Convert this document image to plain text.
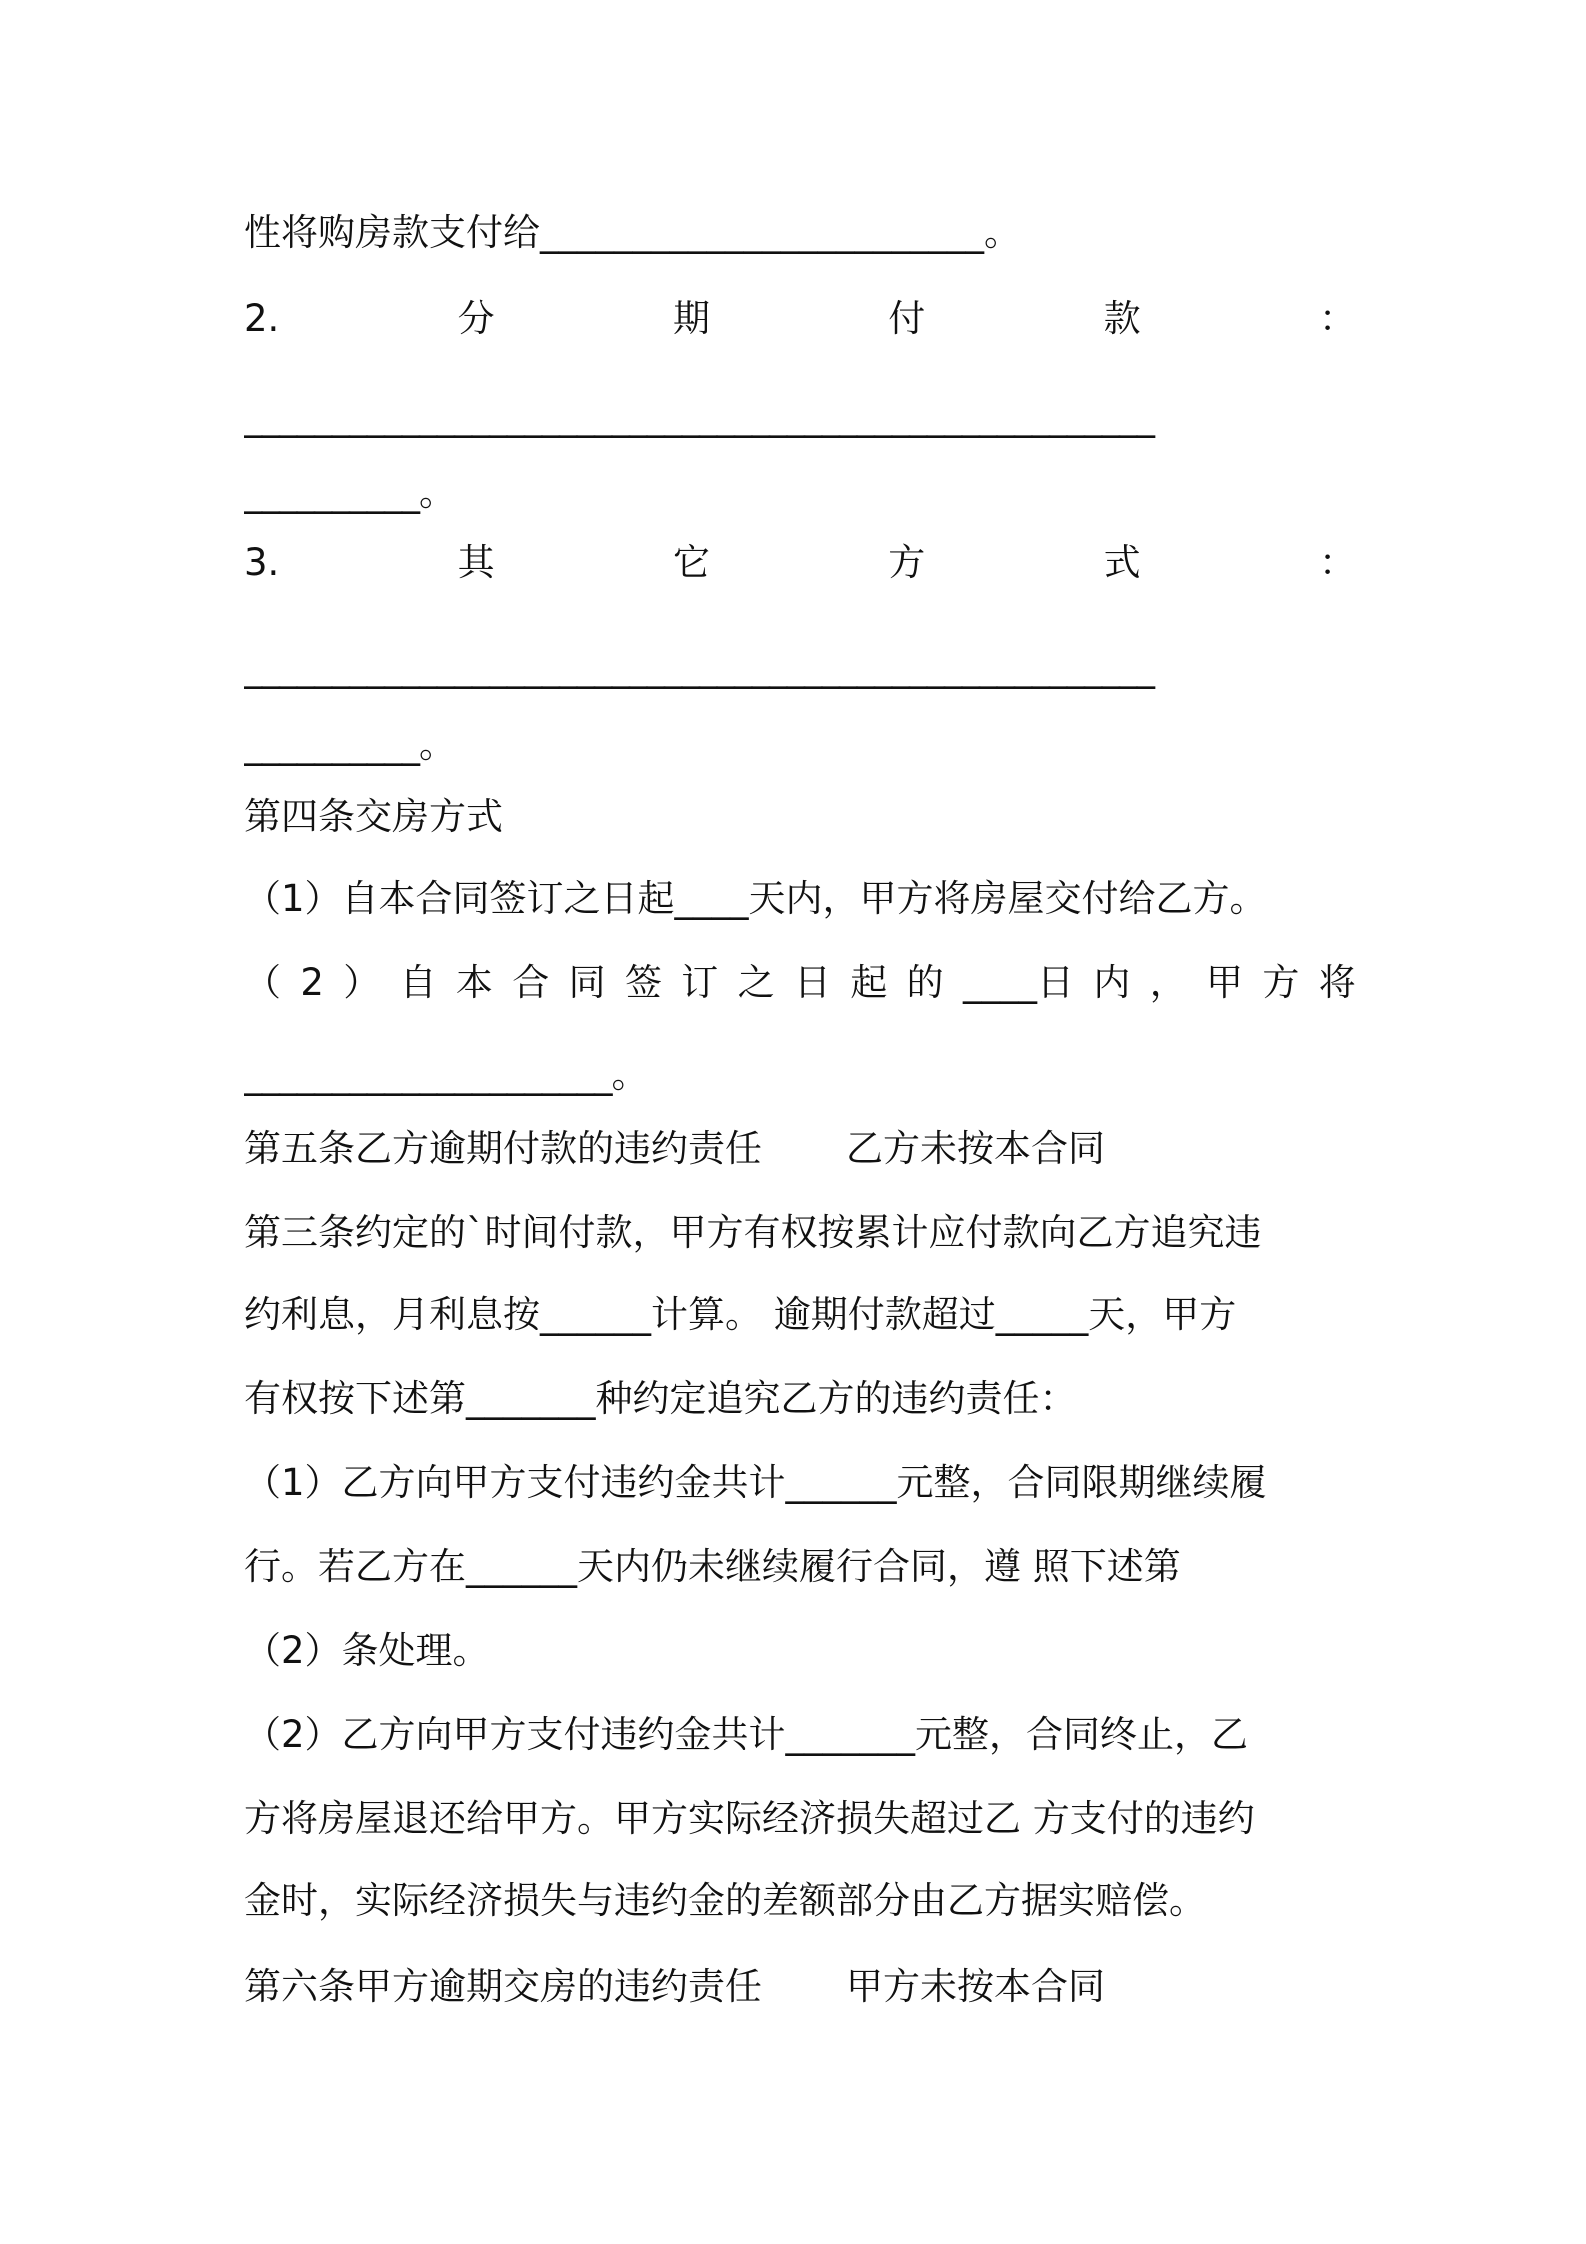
性将购房款支付给________________________。
2.	分	期	付	款	：
____________________________________________________
__________。
3.	其	它	方	式	：
____________________________________________________
__________。
第四条交房方式
（1）自本合同签订之日起____天内，甲方将房屋交付给乙方。
（ 2 ） 自 本 合 同 签 订 之 日 起 的 ____日 内 ， 甲 方 将
_____________________。
第五条乙方逾期付款的违约责任 乙方未按本合同
第三条约定的`时间付款，甲方有权按累计应付款向乙方追究违
约利息，月利息按______计算。 逾期付款超过_____天，甲方
有权按下述第_______种约定追究乙方的违约责任：
（1）乙方向甲方支付违约金共计______元整，合同限期继续履
行。若乙方在______天内仍未继续履行合同，遵 照下述第
（2）条处理。
（2）乙方向甲方支付违约金共计_______元整，合同终止，乙
方将房屋退还给甲方。甲方实际经济损失超过乙 方支付的违约
金时，实际经济损失与违约金的差额部分由乙方据实赔偿。
第六条甲方逾期交房的违约责任 甲方未按本合同
